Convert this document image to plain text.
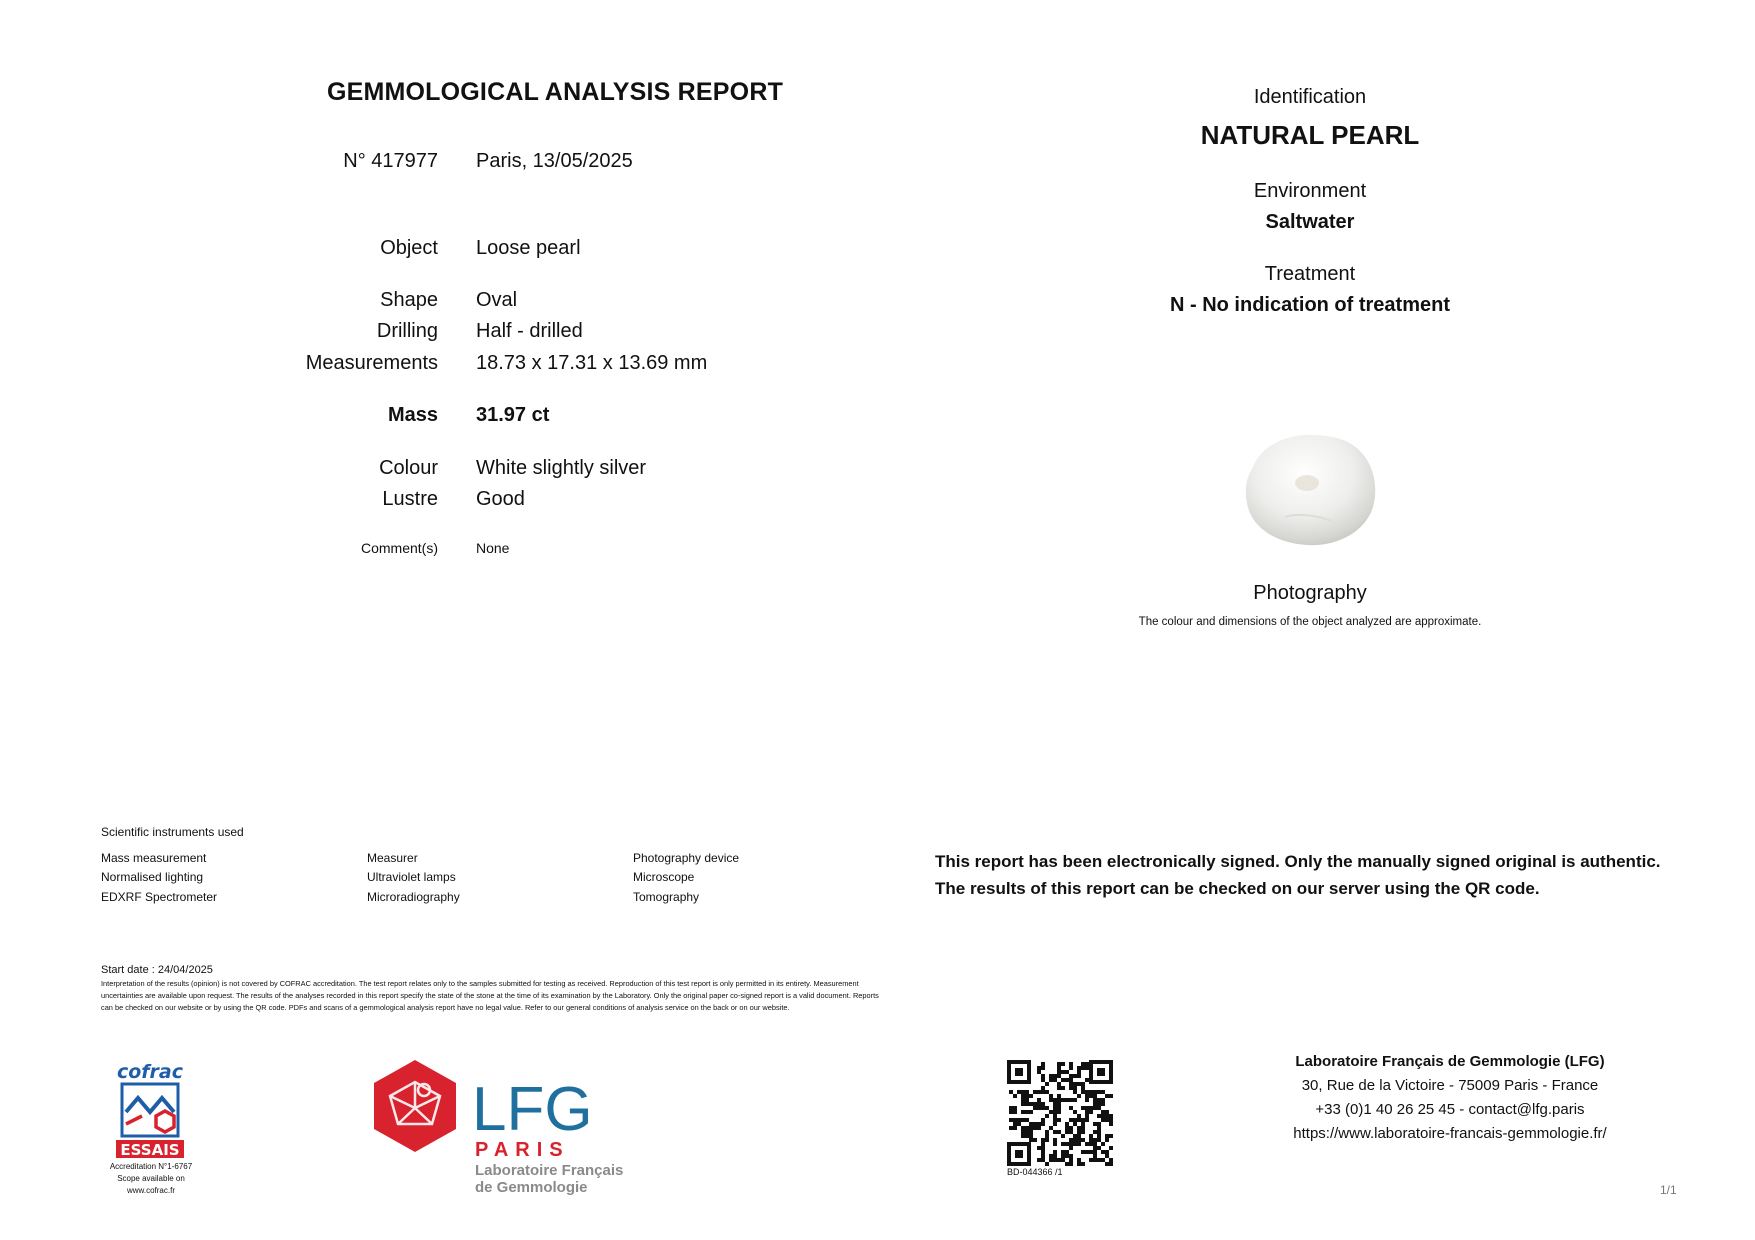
GEMMOLOGICAL ANALYSIS REPORT
N° 417977 Paris, 13/05/2025
Object Loose pearl
Shape Oval
Drilling Half - drilled
Measurements 18.73 x 17.31 x 13.69 mm
Mass 31.97 ct
Colour White slightly silver
Lustre Good
Comment(s)	None
Identification
NATURAL PEARL
Environment
Saltwater
Treatment
N - No indication of treatment
Photography
The colour and dimensions of the object analyzed are approximate.
Scientific instruments used
Mass measurement
Normalised lighting
EDXRF Spectrometer
Measurer
Ultraviolet lamps
Microradiography
Photography device
Microscope
Tomography
This report has been electronically signed. Only the manually signed original is authentic.
The results of this report can be checked on our server using the QR code.
Start date : 24/04/2025
Interpretation of the results (opinion) is not covered by COFRAC accreditation. The test report relates only to the samples submitted for testing as received. Reproduction of this test report is only permitted in its entirety. Measurement uncertainties are available upon request. The results of the analyses recorded in this report specify the state of the stone at the time of its examination by the Laboratory. Only the original paper co-signed report is a valid document. Reports can be checked on our website or by using the QR code. PDFs and scans of a gemmological analysis report have no legal value. Refer to our general conditions of analysis service on the back or on our website.
cofrac
ESSAIS
Accreditation N°1-6767
Scope available on
www.cofrac.fr
LFG
PARIS
Laboratoire Français
de Gemmologie
BD-044366 /1
Laboratoire Français de Gemmologie (LFG)
30, Rue de la Victoire - 75009 Paris - France
+33 (0)1 40 26 25 45 - contact@lfg.paris
https://www.laboratoire-francais-gemmologie.fr/
1/1
